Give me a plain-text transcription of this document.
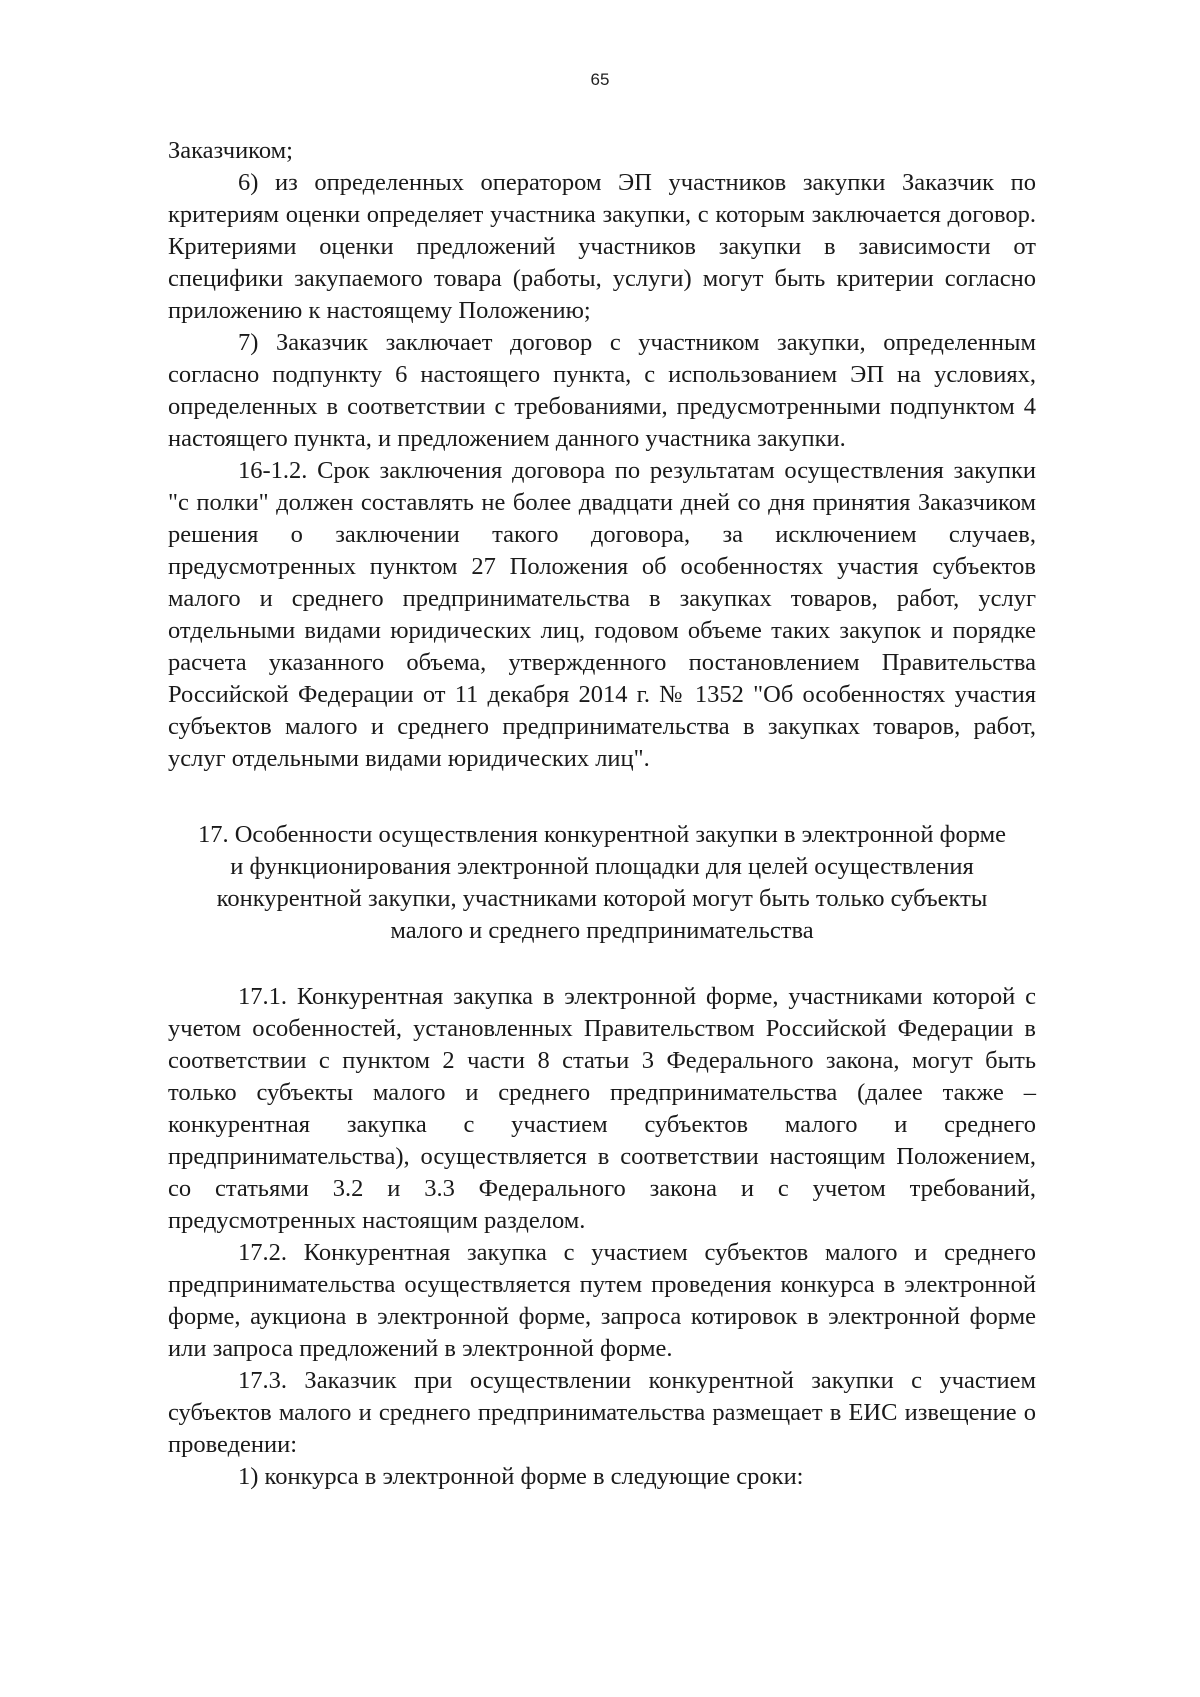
65

Заказчиком;

6) из определенных оператором ЭП участников закупки Заказчик по критериям оценки определяет участника закупки, с которым заключается договор. Критериями оценки предложений участников закупки в зависимости от специфики закупаемого товара (работы, услуги) могут быть критерии согласно приложению к настоящему Положению;

7) Заказчик заключает договор с участником закупки, определенным согласно подпункту 6 настоящего пункта, с использованием ЭП на условиях, определенных в соответствии с требованиями, предусмотренными подпунктом 4 настоящего пункта, и предложением данного участника закупки.

16-1.2. Срок заключения договора по результатам осуществления закупки "с полки" должен составлять не более двадцати дней со дня принятия Заказчиком решения о заключении такого договора, за исключением случаев, предусмотренных пунктом 27 Положения об особенностях участия субъектов малого и среднего предпринимательства в закупках товаров, работ, услуг отдельными видами юридических лиц, годовом объеме таких закупок и порядке расчета указанного объема, утвержденного постановлением Правительства Российской Федерации от 11 декабря 2014 г. № 1352 "Об особенностях участия субъектов малого и среднего предпринимательства в закупках товаров, работ, услуг отдельными видами юридических лиц".

17. Особенности осуществления конкурентной закупки в электронной форме
и функционирования электронной площадки для целей осуществления
конкурентной закупки, участниками которой могут быть только субъекты
малого и среднего предпринимательства

17.1. Конкурентная закупка в электронной форме, участниками которой с учетом особенностей, установленных Правительством Российской Федерации в соответствии с пунктом 2 части 8 статьи 3 Федерального закона, могут быть только субъекты малого и среднего предпринимательства (далее также – конкурентная закупка с участием субъектов малого и среднего предпринимательства), осуществляется в соответствии настоящим Положением, со статьями 3.2 и 3.3 Федерального закона и с учетом требований, предусмотренных настоящим разделом.

17.2. Конкурентная закупка с участием субъектов малого и среднего предпринимательства осуществляется путем проведения конкурса в электронной форме, аукциона в электронной форме, запроса котировок в электронной форме или запроса предложений в электронной форме.

17.3. Заказчик при осуществлении конкурентной закупки с участием субъектов малого и среднего предпринимательства размещает в ЕИС извещение о проведении:

1) конкурса в электронной форме в следующие сроки:
